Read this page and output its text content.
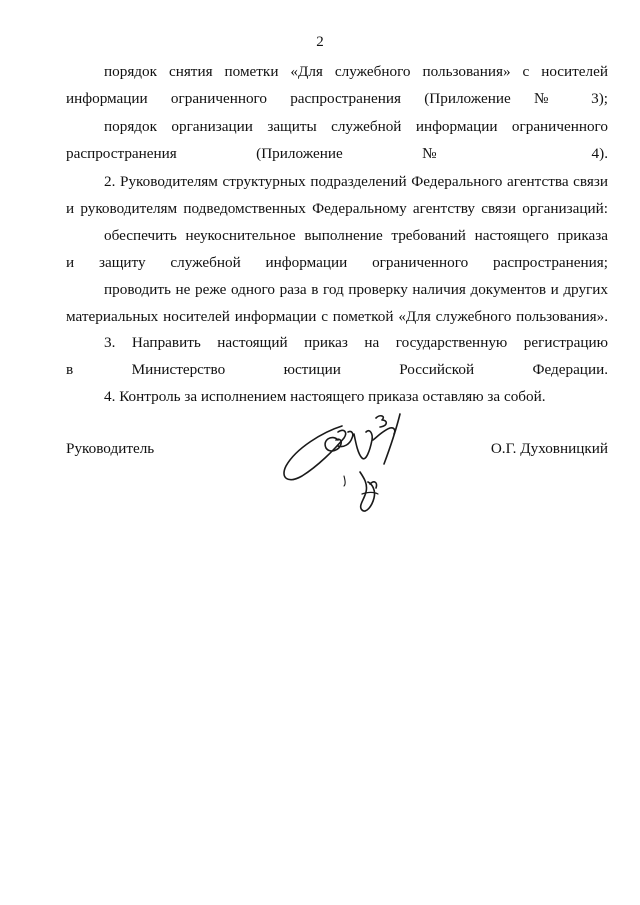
2

порядок снятия пометки «Для служебного пользования» с носителей
информации ограниченного распространения (Приложение № 3);

порядок организации защиты служебной информации ограниченного
распространения (Приложение № 4).

2. Руководителям структурных подразделений Федерального агентства связи
и руководителям подведомственных Федеральному агентству связи организаций:

обеспечить неукоснительное выполнение требований настоящего приказа
и защиту служебной информации ограниченного распространения;

проводить не реже одного раза в год проверку наличия документов и других
материальных носителей информации с пометкой «Для служебного пользования».

3. Направить настоящий приказ на государственную регистрацию
в Министерство юстиции Российской Федерации.

4. Контроль за исполнением настоящего приказа оставляю за собой.

Руководитель	О.Г. Духовницкий
